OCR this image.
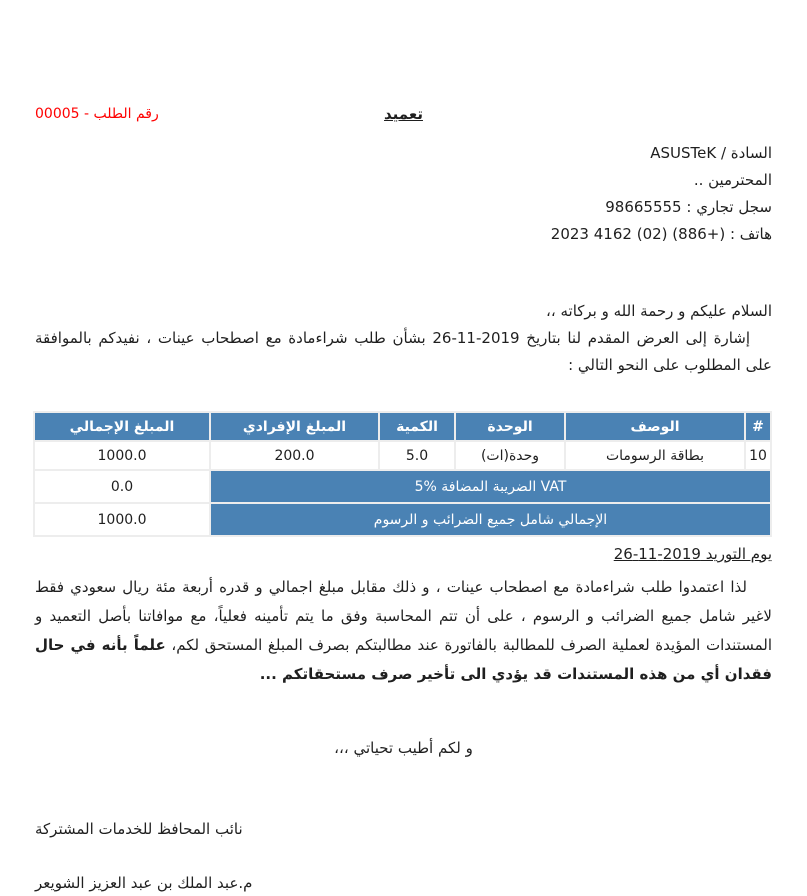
تعميد
رقم الطلب - 00005
السادة / ASUSTeK
المحترمين ..
سجل تجاري : 98665555
هاتف : (+886) (02) 4162 2023

السلام عليكم و رحمة الله و بركاته ،،

إشارة إلى العرض المقدم لنا بتاريخ 2019-11-26 بشأن طلب شراءمادة مع اصطحاب عينات ، نفيدكم بالموافقة على المطلوب على النحو التالي :

#	الوصف	الوحدة	الكمية	المبلغ الإفرادي	المبلغ الإجمالي
10	بطاقة الرسومات	وحدة(ات)	5.0	200.0	1000.0
VAT الضريبة المضافة %5					0.0
الإجمالي شامل جميع الضرائب و الرسوم					1000.0
يوم التوريد 2019-11-26

لذا اعتمدوا طلب شراءمادة مع اصطحاب عينات ، و ذلك مقابل مبلغ اجمالي و قدره أربعة مئة ريال سعودي فقط لاغير شامل جميع الضرائب و الرسوم ، على أن تتم المحاسبة وفق ما يتم تأمينه فعلياً، مع موافاتنا بأصل التعميد و المستندات المؤيدة لعملية الصرف للمطالبة بالفاتورة عند مطالبتكم بصرف المبلغ المستحق لكم، علماً بأنه في حال فقدان أي من هذه المستندات قد يؤدي الى تأخير صرف مستحقاتكم ...

و لكم أطيب تحياتي ،،،

نائب المحافظ للخدمات المشتركة
م.عبد الملك بن عبد العزيز الشويعر
